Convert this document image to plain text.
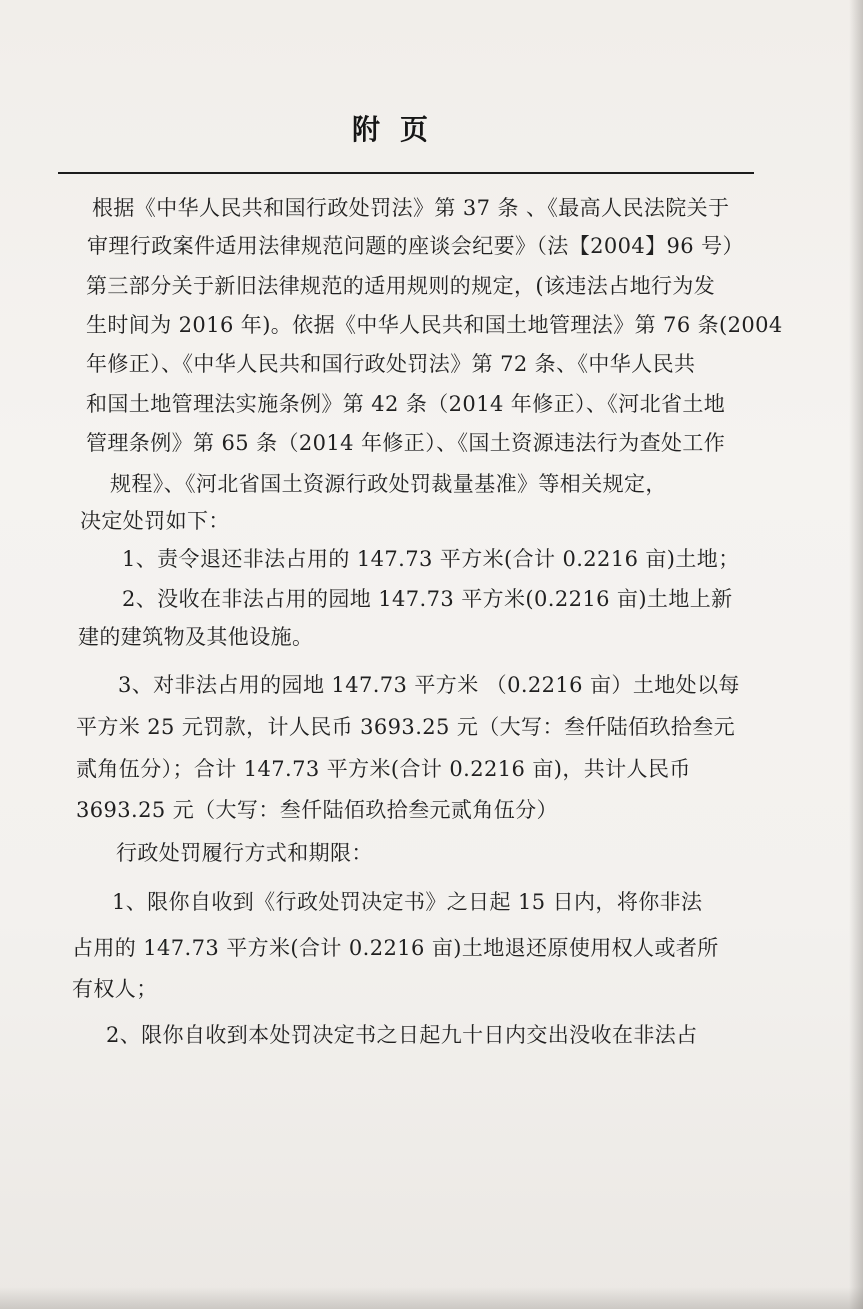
附页

根据《中华人民共和国行政处罚法》第 37 条 、《最高人民法院关于

审理行政案件适用法律规范问题的座谈会纪要》（法【2004】96 号）

第三部分关于新旧法律规范的适用规则的规定，(该违法占地行为发

生时间为 2016 年)。依据《中华人民共和国土地管理法》第 76 条(2004

年修正）、《中华人民共和国行政处罚法》第 72 条、《中华人民共

和国土地管理法实施条例》第 42 条（2014 年修正）、《河北省土地

管理条例》第 65 条（2014 年修正）、《国土资源违法行为查处工作

规程》、《河北省国土资源行政处罚裁量基准》等相关规定，

决定处罚如下：

1、责令退还非法占用的 147.73 平方米(合计 0.2216 亩)土地；

2、没收在非法占用的园地 147.73 平方米(0.2216 亩)土地上新

建的建筑物及其他设施。

3、对非法占用的园地 147.73 平方米 （0.2216 亩）土地处以每

平方米 25 元罚款，计人民币 3693.25 元（大写：叁仟陆佰玖拾叁元

贰角伍分）；合计 147.73 平方米(合计 0.2216 亩)，共计人民币

3693.25 元（大写：叁仟陆佰玖拾叁元贰角伍分）

行政处罚履行方式和期限：

1、限你自收到《行政处罚决定书》之日起 15 日内，将你非法

占用的 147.73 平方米(合计 0.2216 亩)土地退还原使用权人或者所

有权人；

2、限你自收到本处罚决定书之日起九十日内交出没收在非法占
